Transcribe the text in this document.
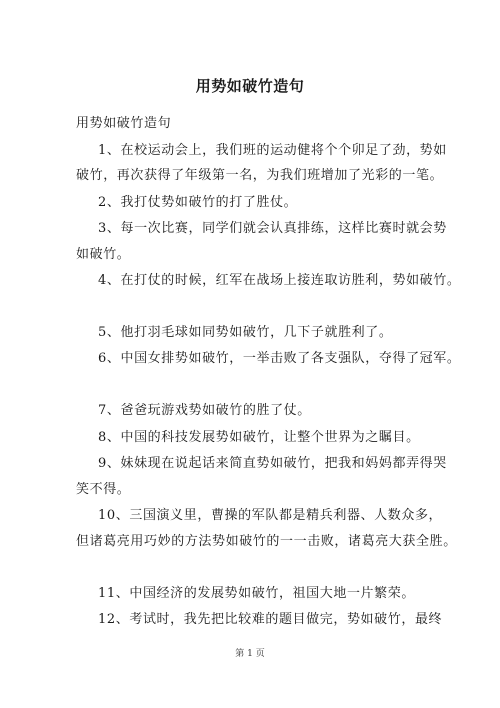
用势如破竹造句
用势如破竹造句
1、在校运动会上，我们班的运动健将个个卯足了劲，势如
破竹，再次获得了年级第一名，为我们班增加了光彩的一笔。
2、我打仗势如破竹的打了胜仗。
3、每一次比赛，同学们就会认真排练，这样比赛时就会势
如破竹。
4、在打仗的时候，红军在战场上接连取访胜利，势如破竹。
5、他打羽毛球如同势如破竹，几下子就胜利了。
6、中国女排势如破竹，一举击败了各支强队，夺得了冠军。
7、爸爸玩游戏势如破竹的胜了仗。
8、中国的科技发展势如破竹，让整个世界为之瞩目。
9、妹妹现在说起话来简直势如破竹，把我和妈妈都弄得哭
笑不得。
10、三国演义里，曹操的军队都是精兵利器、人数众多，
但诸葛亮用巧妙的方法势如破竹的一一击败，诸葛亮大获全胜。
11、中国经济的发展势如破竹，祖国大地一片繁荣。
12、考试时，我先把比较难的题目做完，势如破竹，最终
第 1 页
